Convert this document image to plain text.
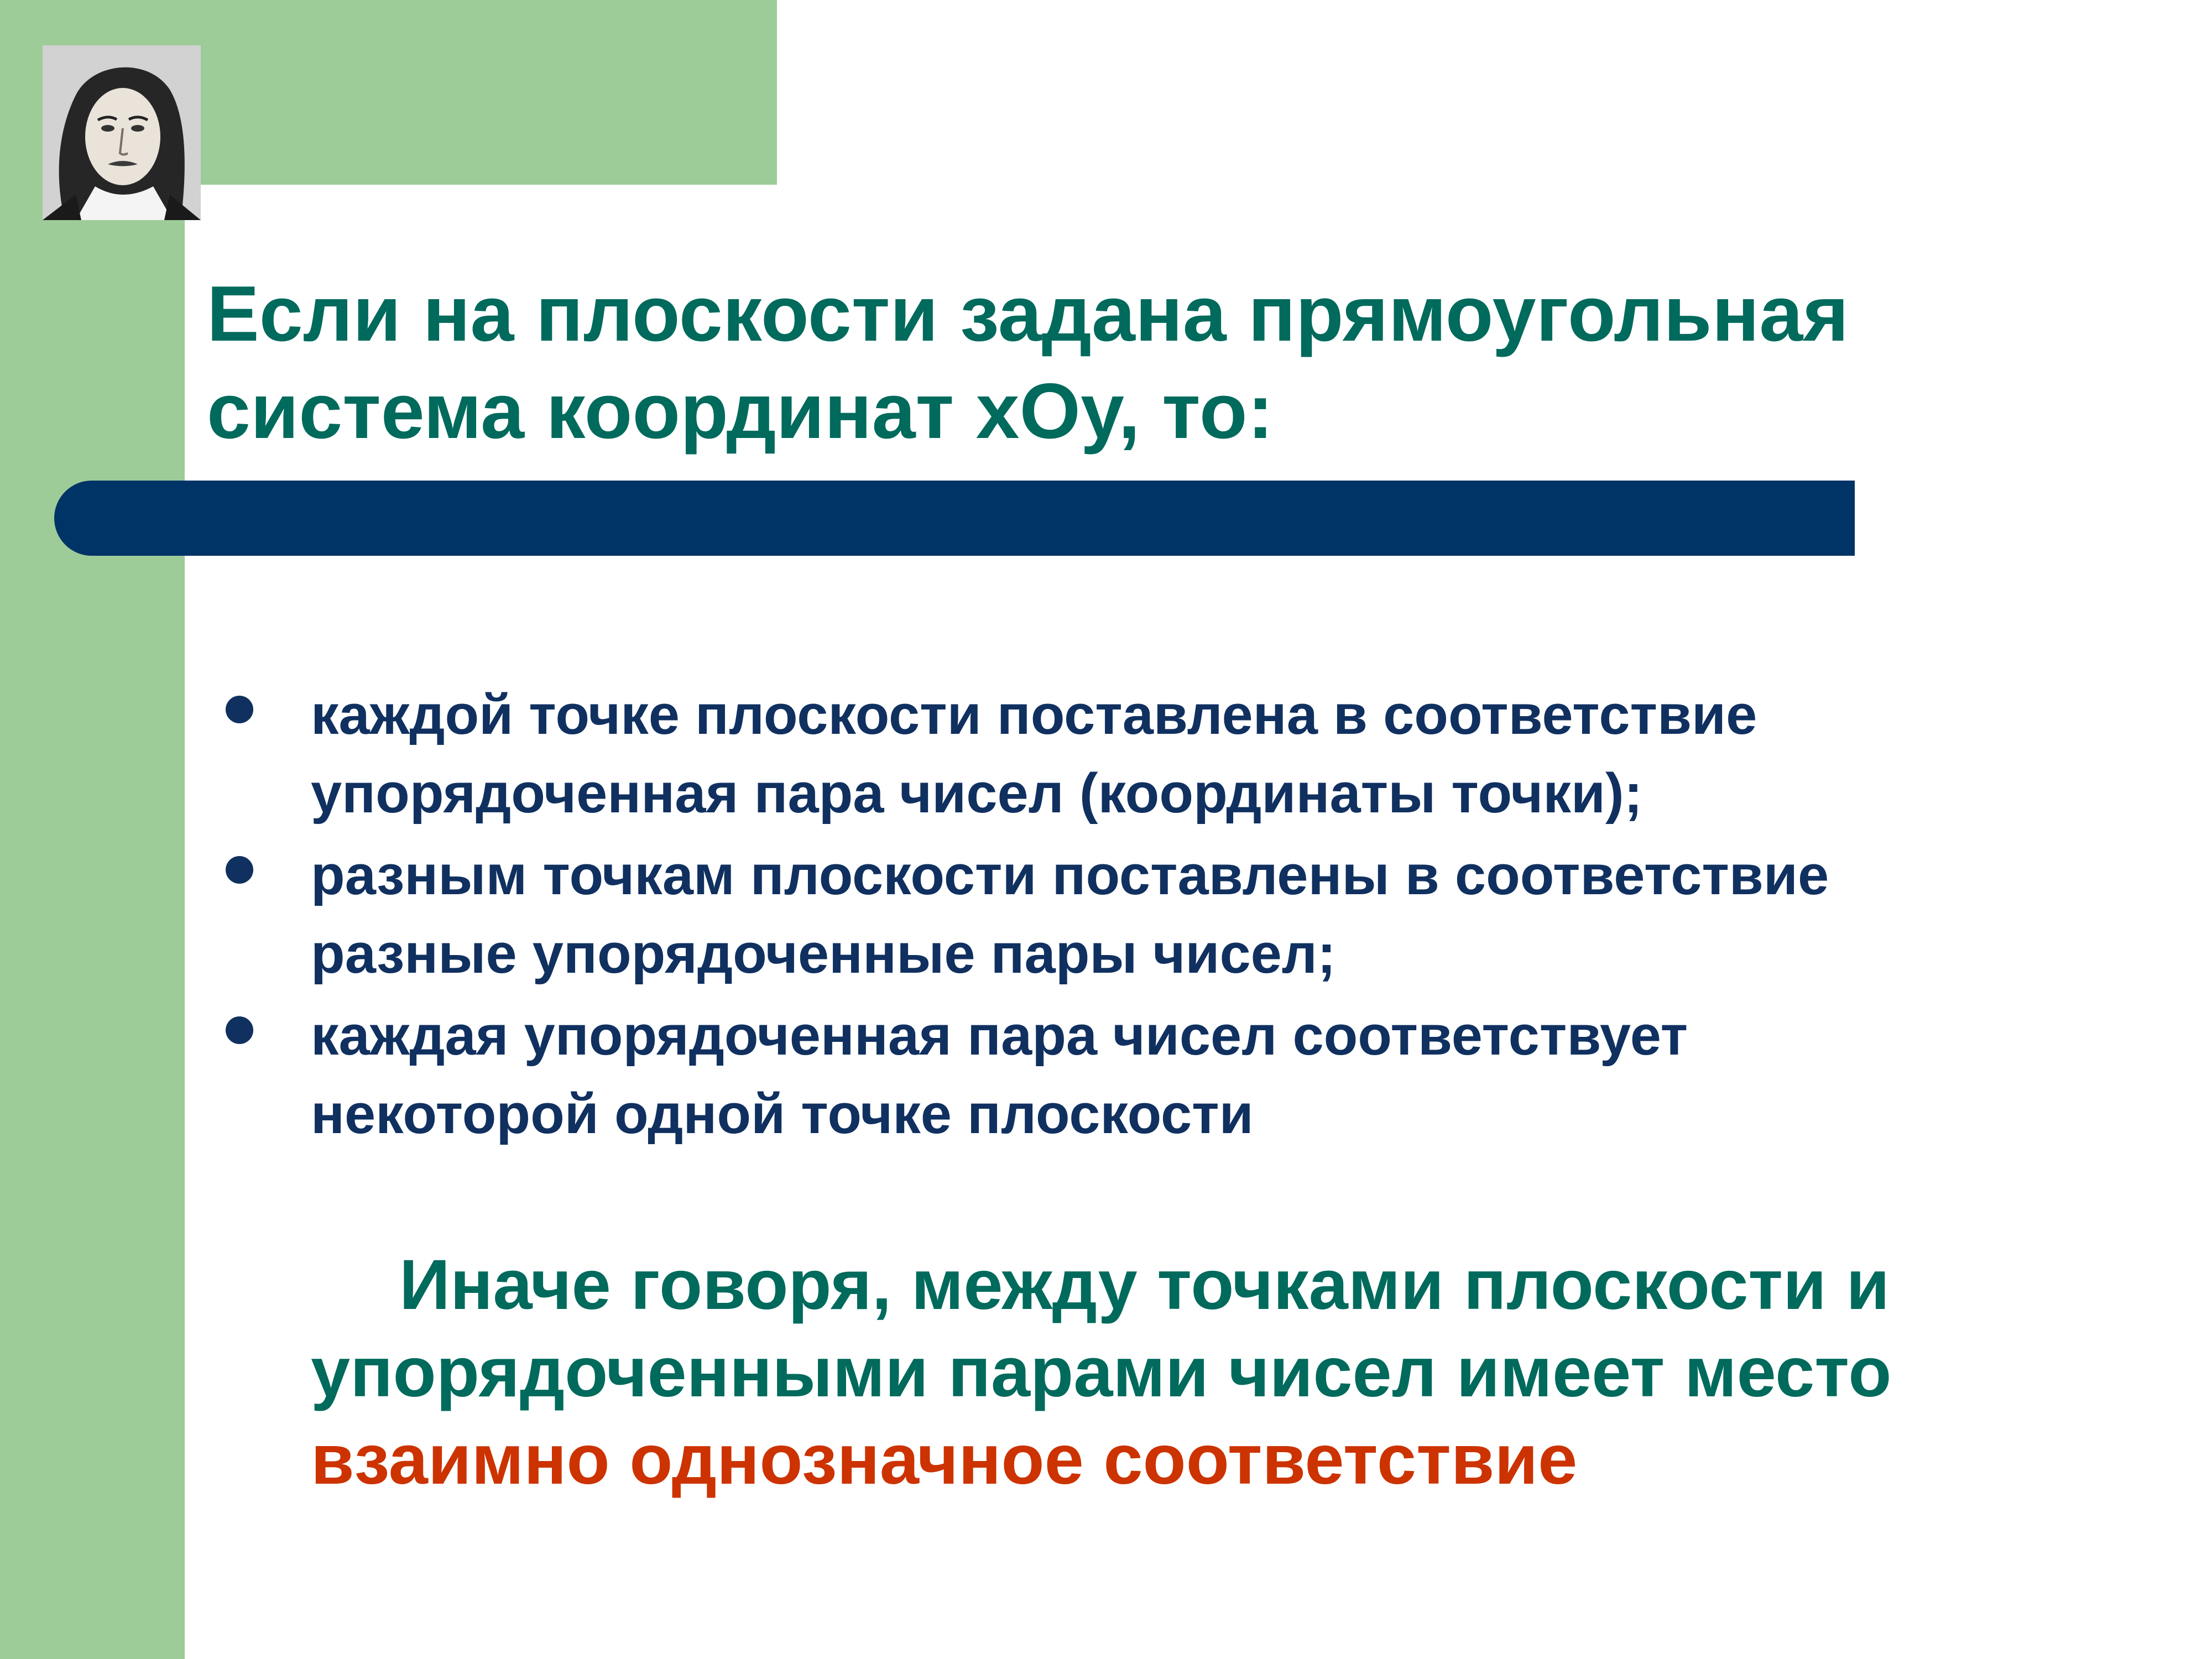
Если на плоскости задана прямоугольная
система координат хОу, то:
каждой точке плоскости поставлена в соответствие
упорядоченная пара чисел (координаты точки);
разным точкам плоскости поставлены в соответствие
разные упорядоченные пары чисел;
каждая упорядоченная пара чисел соответствует
некоторой одной точке плоскости

Иначе говоря, между точками плоскости и
упорядоченными парами чисел имеет место
взаимно однозначное соответствие
